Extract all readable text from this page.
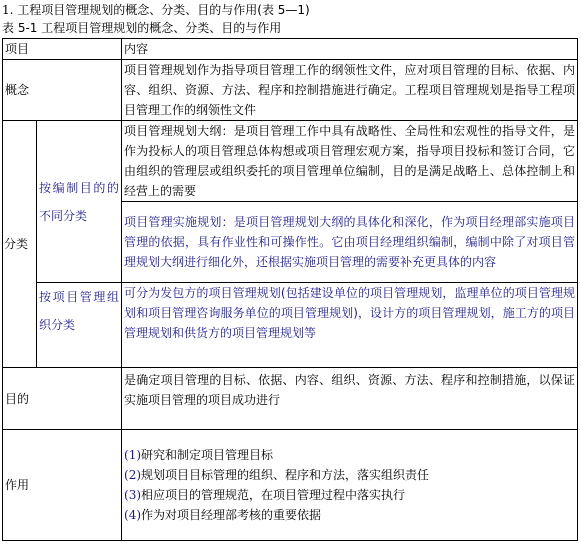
1. 工程项目管理规划的概念、分类、目的与作用(表 5—1)
表 5-1 工程项目管理规划的概念、分类、目的与作用
项目		内容
概念		项目管理规划作为指导项目管理工作的纲领性文件，应对项目管理的目标、依据、内容、组织、资源、方法、程序和控制措施进行确定。工程项目管理规划是指导工程项目管理工作的纲领性文件
分类	按编制目的的不同分类	项目管理规划大纲：是项目管理工作中具有战略性、全局性和宏观性的指导文件，是作为投标人的项目管理总体构想或项目管理宏观方案，指导项目投标和签订合同，它由组织的管理层或组织委托的项目管理单位编制，目的是满足战略上、总体控制上和经营上的需要
		项目管理实施规划：是项目管理规划大纲的具体化和深化，作为项目经理部实施项目管理的依据，具有作业性和可操作性。它由项目经理组织编制，编制中除了对项目管理规划大纲进行细化外，还根据实施项目管理的需要补充更具体的内容
	按项目管理组织分类	可分为发包方的项目管理规划(包括建设单位的项目管理规划，监理单位的项目管理规划和项目管理咨询服务单位的项目管理规划)，设计方的项目管理规划，施工方的项目管理规划和供货方的项目管理规划等
目的		是确定项目管理的目标、依据、内容、组织、资源、方法、程序和控制措施，以保证实施项目管理的项目成功进行
作用		(1)研究和制定项目管理目标
(2)规划项目目标管理的组织、程序和方法，落实组织责任
(3)相应项目的管理规范，在项目管理过程中落实执行
(4)作为对项目经理部考核的重要依据
